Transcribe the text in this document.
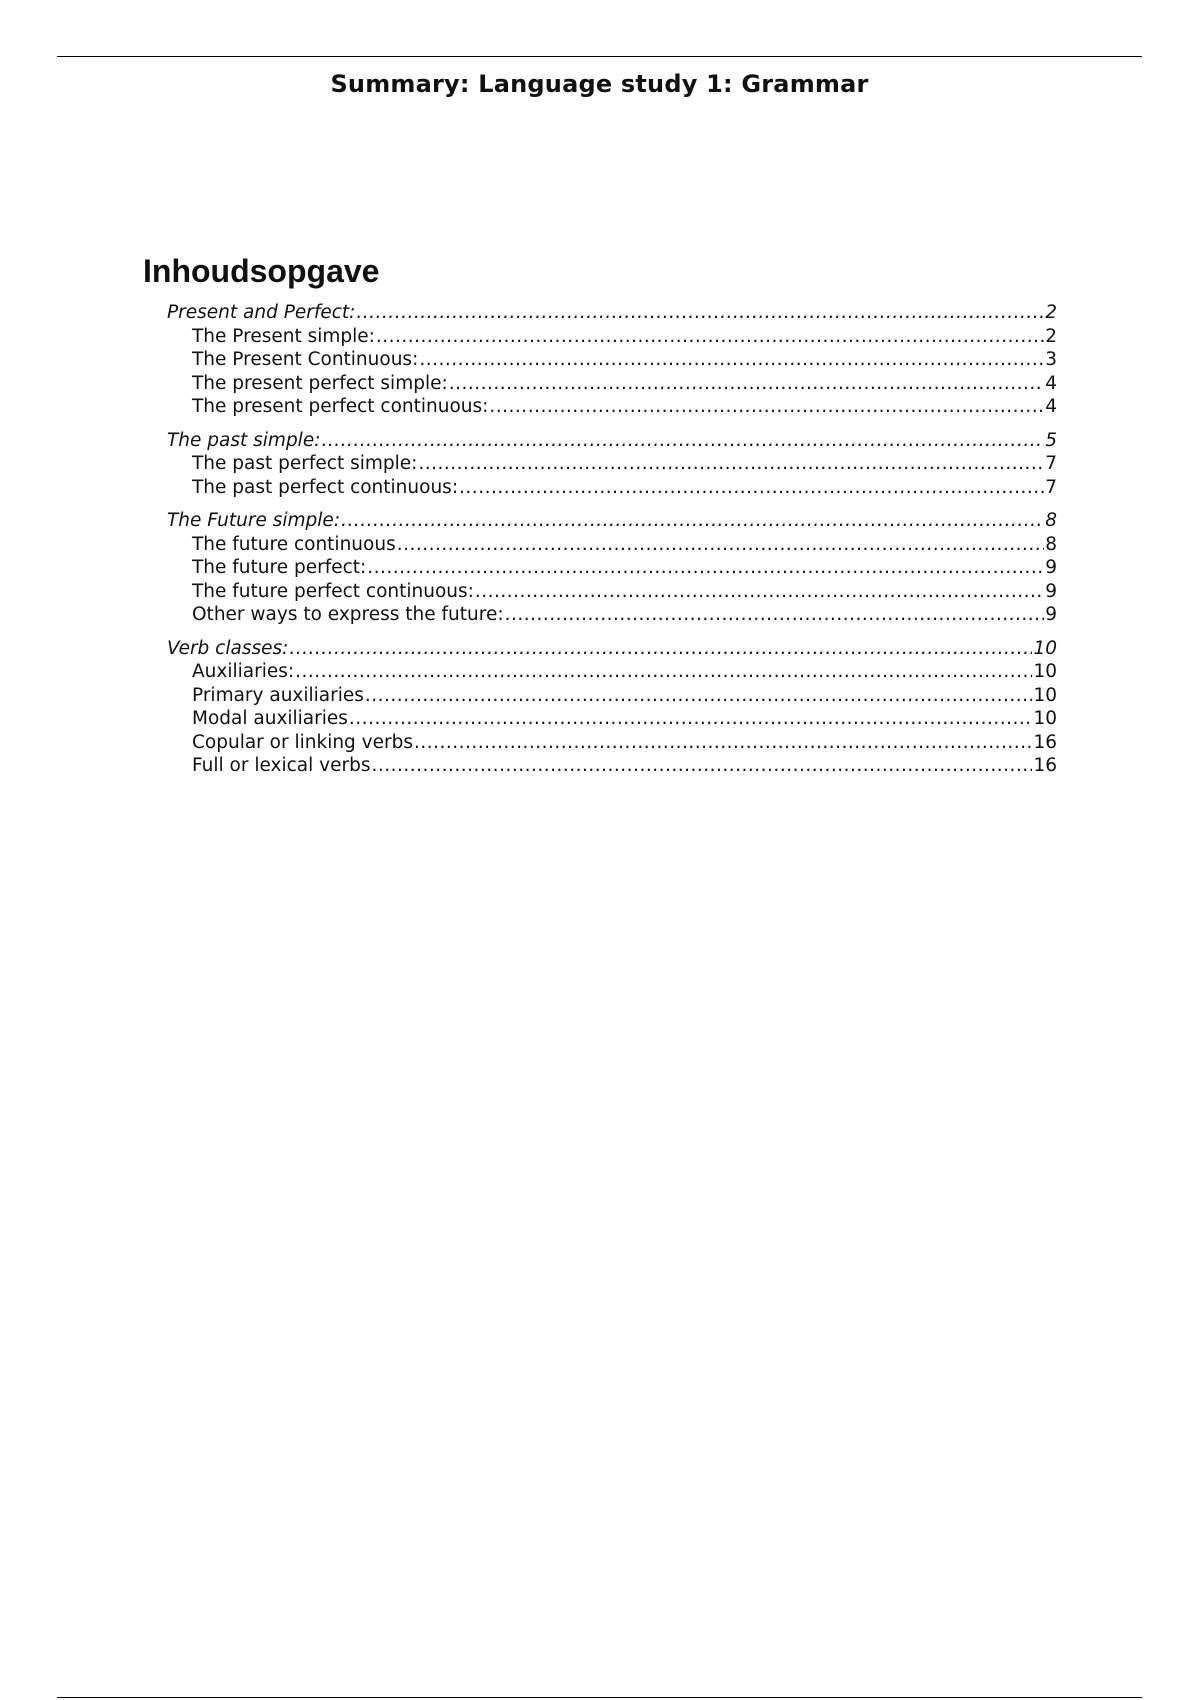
Summary: Language study 1: Grammar
Inhoudsopgave
Present and Perfect: .....	2
The Present simple: .....	2
The Present Continuous: .....	3
The present perfect simple: .....	4
The present perfect continuous: .....	4
The past simple: .....	5
The past perfect simple: .....	7
The past perfect continuous: .....	7
The Future simple: .....	8
The future continuous .....	8
The future perfect: .....	9
The future perfect continuous: .....	9
Other ways to express the future: .....	9
Verb classes: .....	10
Auxiliaries: .....	10
Primary auxiliaries .....	10
Modal auxiliaries .....	10
Copular or linking verbs .....	16
Full or lexical verbs .....	16
